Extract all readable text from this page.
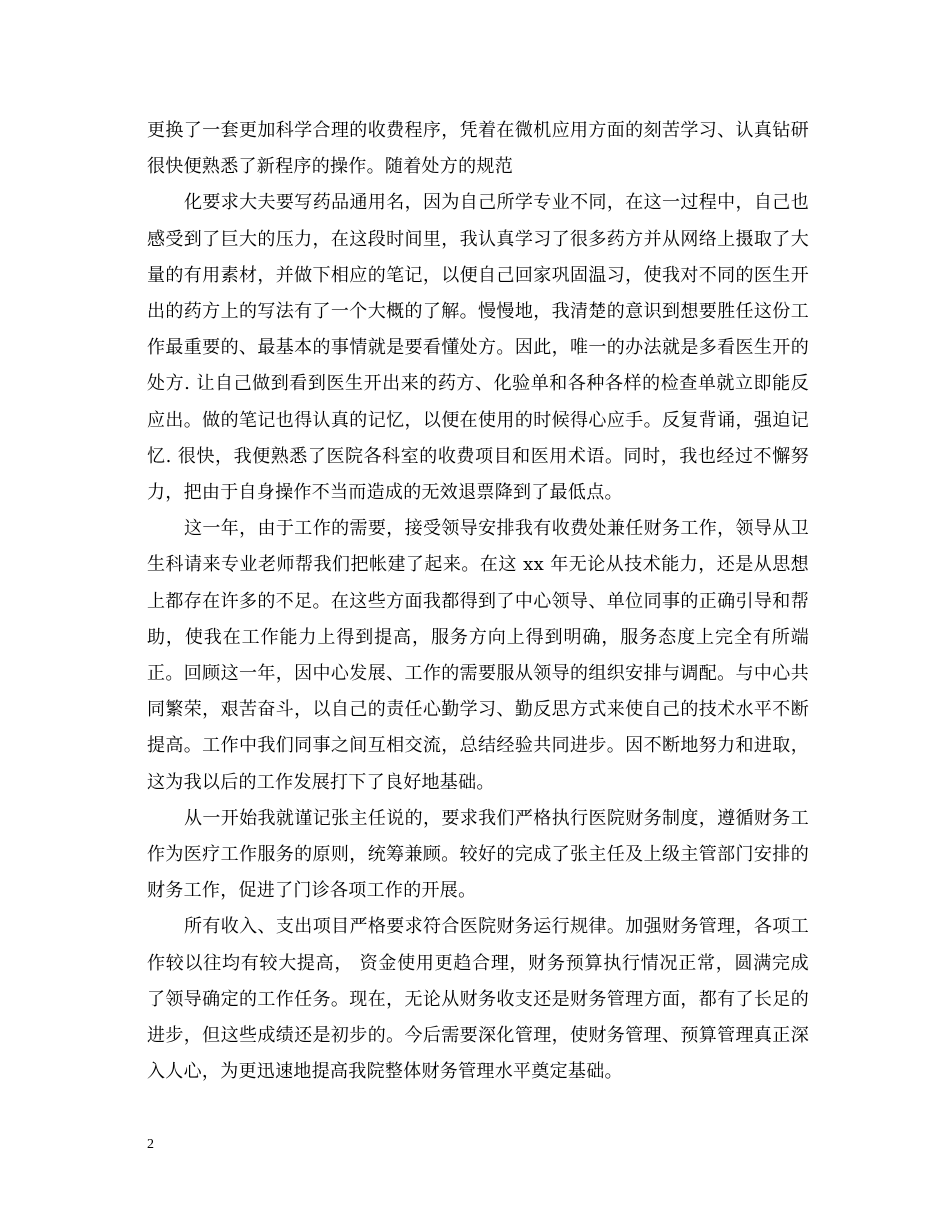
更换了一套更加科学合理的收费程序，凭着在微机应用方面的刻苦学习、认真钻研很快便熟悉了新程序的操作。随着处方的规范

化要求大夫要写药品通用名，因为自己所学专业不同，在这一过程中，自己也感受到了巨大的压力，在这段时间里，我认真学习了很多药方并从网络上摄取了大量的有用素材，并做下相应的笔记，以便自己回家巩固温习，使我对不同的医生开出的药方上的写法有了一个大概的了解。慢慢地，我清楚的意识到想要胜任这份工作最重要的、最基本的事情就是要看懂处方。因此，唯一的办法就是多看医生开的处方. 让自己做到看到医生开出来的药方、化验单和各种各样的检查单就立即能反应出。做的笔记也得认真的记忆，以便在使用的时候得心应手。反复背诵，强迫记忆. 很快，我便熟悉了医院各科室的收费项目和医用术语。同时，我也经过不懈努力，把由于自身操作不当而造成的无效退票降到了最低点。

这一年，由于工作的需要，接受领导安排我有收费处兼任财务工作，领导从卫生科请来专业老师帮我们把帐建了起来。在这 xx 年无论从技术能力，还是从思想上都存在许多的不足。在这些方面我都得到了中心领导、单位同事的正确引导和帮助，使我在工作能力上得到提高，服务方向上得到明确，服务态度上完全有所端正。回顾这一年，因中心发展、工作的需要服从领导的组织安排与调配。与中心共同繁荣，艰苦奋斗，以自己的责任心勤学习、勤反思方式来使自己的技术水平不断提高。工作中我们同事之间互相交流，总结经验共同进步。因不断地努力和进取，这为我以后的工作发展打下了良好地基础。

从一开始我就谨记张主任说的，要求我们严格执行医院财务制度，遵循财务工作为医疗工作服务的原则，统筹兼顾。较好的完成了张主任及上级主管部门安排的财务工作，促进了门诊各项工作的开展。

所有收入、支出项目严格要求符合医院财务运行规律。加强财务管理，各项工作较以往均有较大提高， 资金使用更趋合理，财务预算执行情况正常，圆满完成了领导确定的工作任务。现在，无论从财务收支还是财务管理方面，都有了长足的进步，但这些成绩还是初步的。今后需要深化管理，使财务管理、预算管理真正深入人心，为更迅速地提高我院整体财务管理水平奠定基础。

2
